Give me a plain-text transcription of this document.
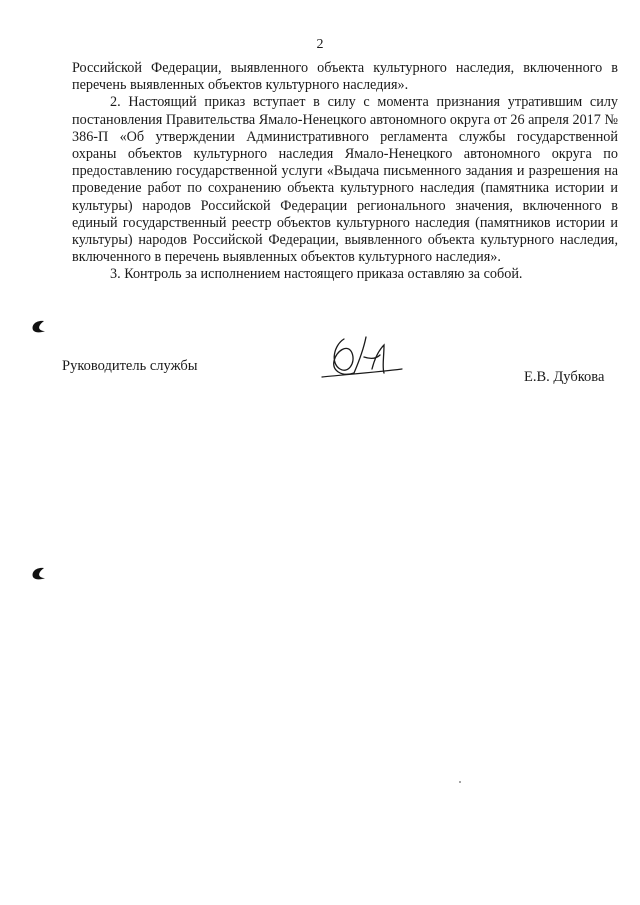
2

Российской Федерации, выявленного объекта культурного наследия, включенного в перечень выявленных объектов культурного наследия».

2. Настоящий приказ вступает в силу с момента признания утратившим силу постановления Правительства Ямало-Ненецкого автономного округа от 26 апреля 2017 № 386-П «Об утверждении Административного регламента службы государственной охраны объектов культурного наследия Ямало-Ненецкого автономного округа по предоставлению государственной услуги «Выдача письменного задания и разрешения на проведение работ по сохранению объекта культурного наследия (памятника истории и культуры) народов Российской Федерации регионального значения, включенного в единый государственный реестр объектов культурного наследия (памятников истории и культуры) народов Российской Федерации, выявленного объекта культурного наследия, включенного в перечень выявленных объектов культурного наследия».

3. Контроль за исполнением настоящего приказа оставляю за собой.

Руководитель службы
Е.В. Дубкова
